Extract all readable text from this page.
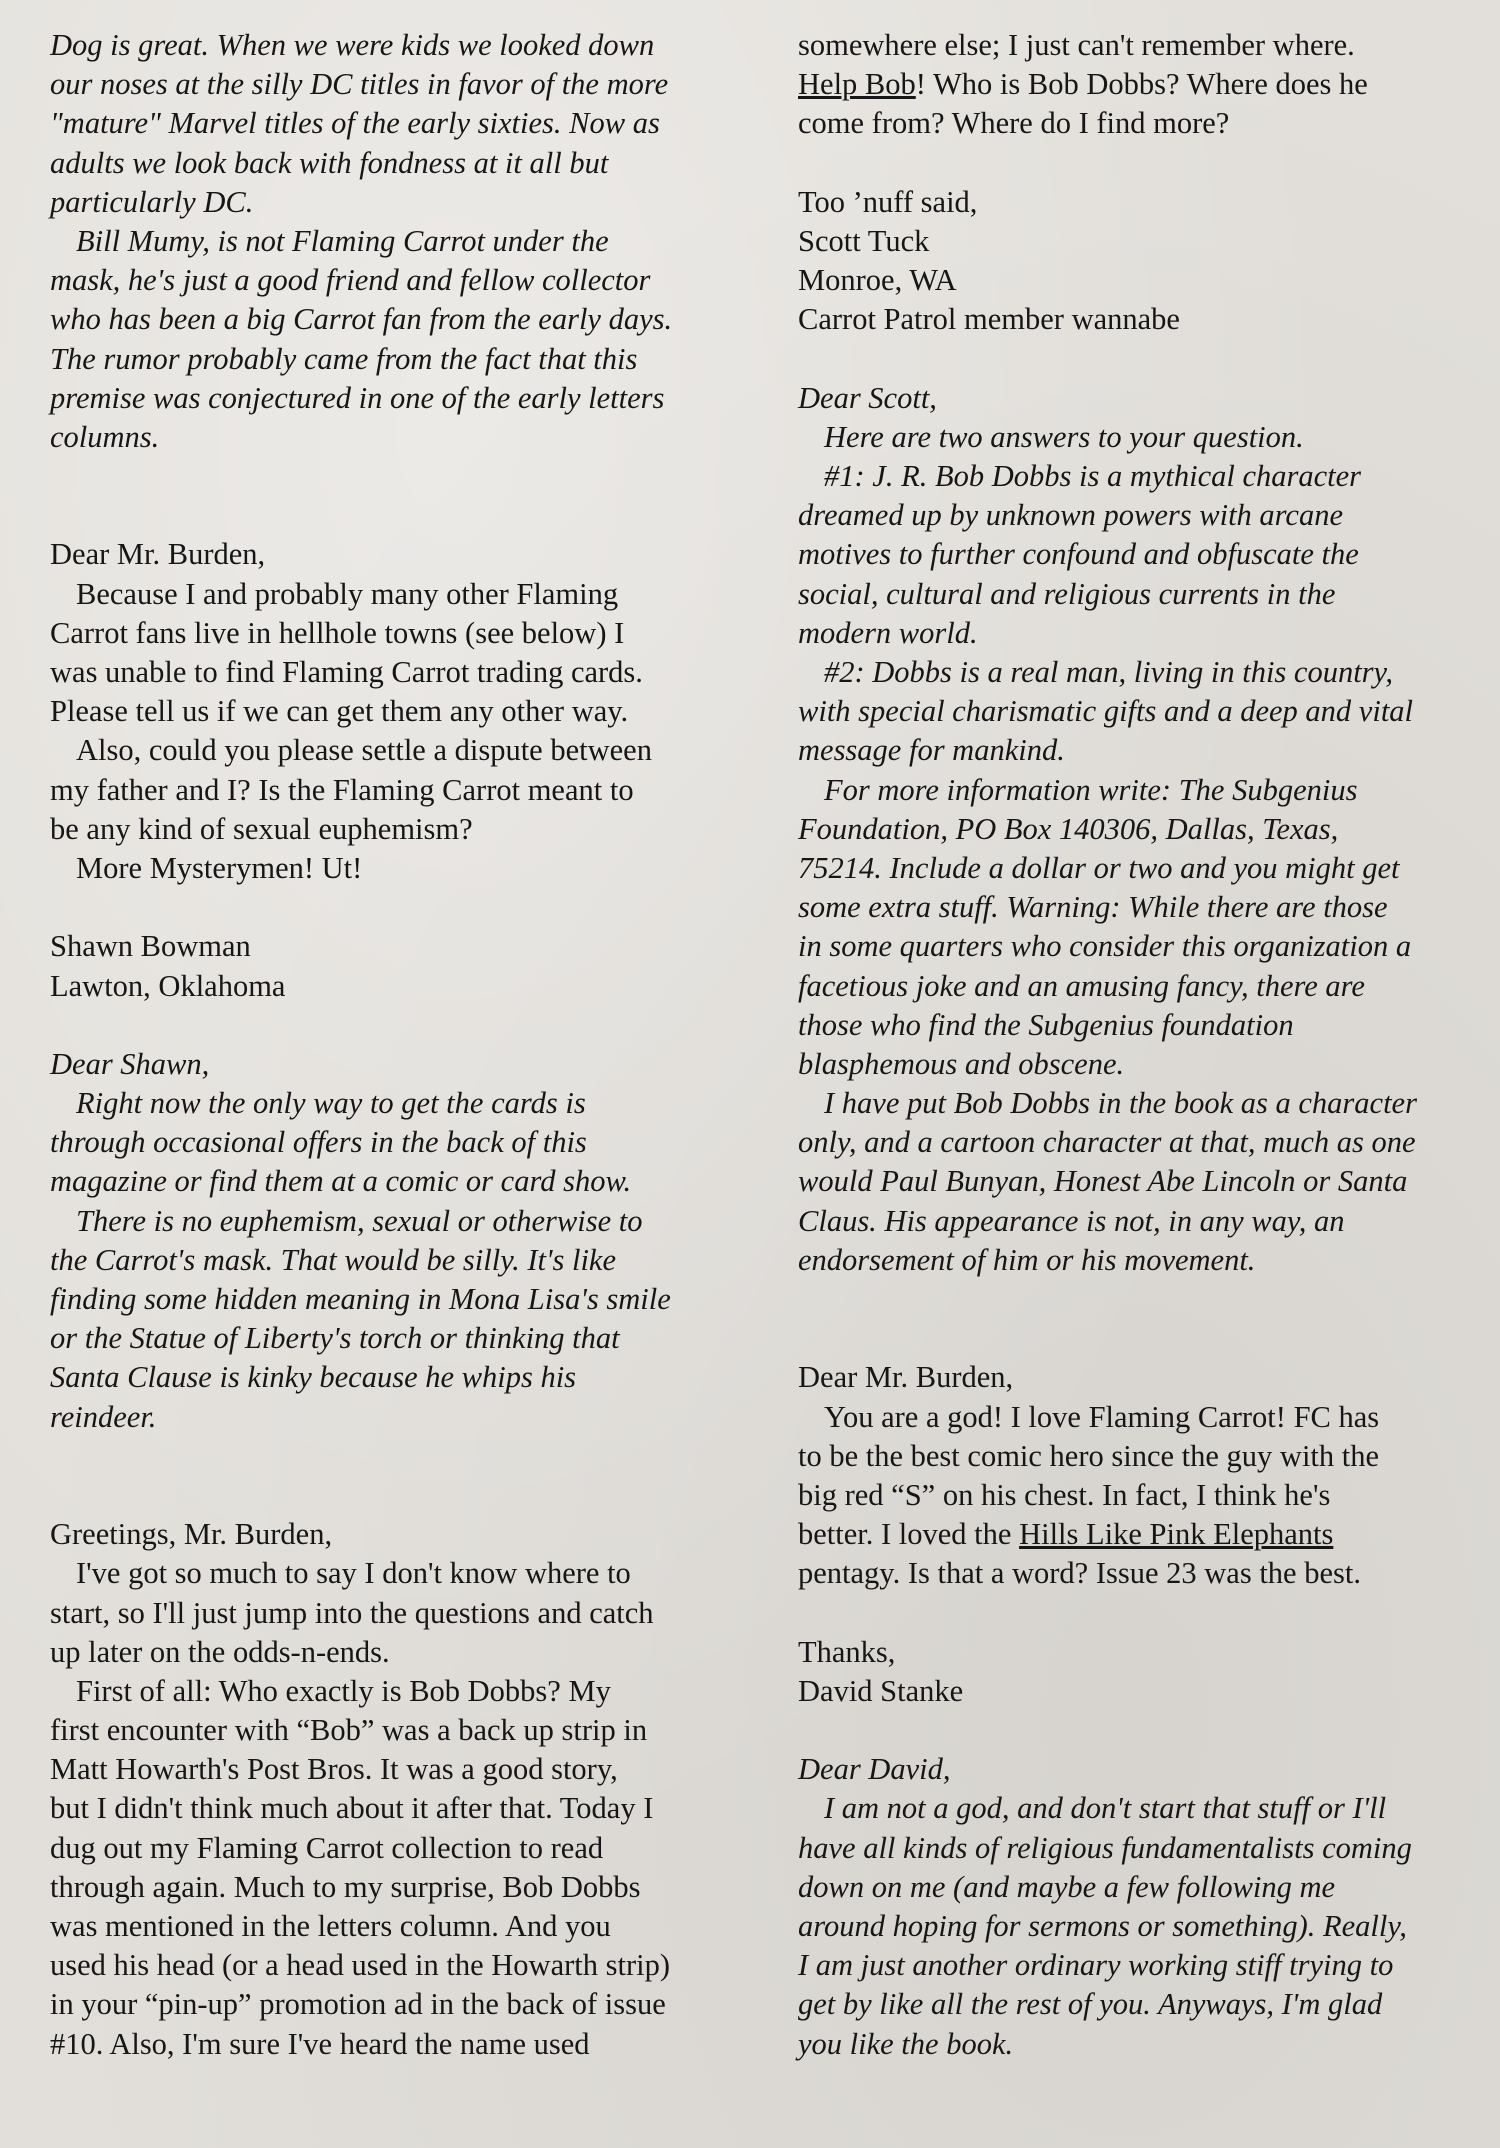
Dog is great. When we were kids we looked down
our noses at the silly DC titles in favor of the more
"mature" Marvel titles of the early sixties. Now as
adults we look back with fondness at it all but
particularly DC.
Bill Mumy, is not Flaming Carrot under the
mask, he's just a good friend and fellow collector
who has been a big Carrot fan from the early days.
The rumor probably came from the fact that this
premise was conjectured in one of the early letters
columns.
Dear Mr. Burden,
Because I and probably many other Flaming
Carrot fans live in hellhole towns (see below) I
was unable to find Flaming Carrot trading cards.
Please tell us if we can get them any other way.
Also, could you please settle a dispute between
my father and I? Is the Flaming Carrot meant to
be any kind of sexual euphemism?
More Mysterymen! Ut!
Shawn Bowman
Lawton, Oklahoma
Dear Shawn,
Right now the only way to get the cards is
through occasional offers in the back of this
magazine or find them at a comic or card show.
There is no euphemism, sexual or otherwise to
the Carrot's mask. That would be silly. It's like
finding some hidden meaning in Mona Lisa's smile
or the Statue of Liberty's torch or thinking that
Santa Clause is kinky because he whips his
reindeer.
Greetings, Mr. Burden,
I've got so much to say I don't know where to
start, so I'll just jump into the questions and catch
up later on the odds-n-ends.
First of all: Who exactly is Bob Dobbs? My
first encounter with “Bob” was a back up strip in
Matt Howarth's Post Bros. It was a good story,
but I didn't think much about it after that. Today I
dug out my Flaming Carrot collection to read
through again. Much to my surprise, Bob Dobbs
was mentioned in the letters column. And you
used his head (or a head used in the Howarth strip)
in your “pin-up” promotion ad in the back of issue
#10. Also, I'm sure I've heard the name used
somewhere else; I just can't remember where.
Help Bob! Who is Bob Dobbs? Where does he
come from? Where do I find more?
Too ’nuff said,
Scott Tuck
Monroe, WA
Carrot Patrol member wannabe
Dear Scott,
Here are two answers to your question.
#1: J. R. Bob Dobbs is a mythical character
dreamed up by unknown powers with arcane
motives to further confound and obfuscate the
social, cultural and religious currents in the
modern world.
#2: Dobbs is a real man, living in this country,
with special charismatic gifts and a deep and vital
message for mankind.
For more information write: The Subgenius
Foundation, PO Box 140306, Dallas, Texas,
75214. Include a dollar or two and you might get
some extra stuff. Warning: While there are those
in some quarters who consider this organization a
facetious joke and an amusing fancy, there are
those who find the Subgenius foundation
blasphemous and obscene.
I have put Bob Dobbs in the book as a character
only, and a cartoon character at that, much as one
would Paul Bunyan, Honest Abe Lincoln or Santa
Claus. His appearance is not, in any way, an
endorsement of him or his movement.
Dear Mr. Burden,
You are a god! I love Flaming Carrot! FC has
to be the best comic hero since the guy with the
big red “S” on his chest. In fact, I think he's
better. I loved the Hills Like Pink Elephants
pentagy. Is that a word? Issue 23 was the best.
Thanks,
David Stanke
Dear David,
I am not a god, and don't start that stuff or I'll
have all kinds of religious fundamentalists coming
down on me (and maybe a few following me
around hoping for sermons or something). Really,
I am just another ordinary working stiff trying to
get by like all the rest of you. Anyways, I'm glad
you like the book.
